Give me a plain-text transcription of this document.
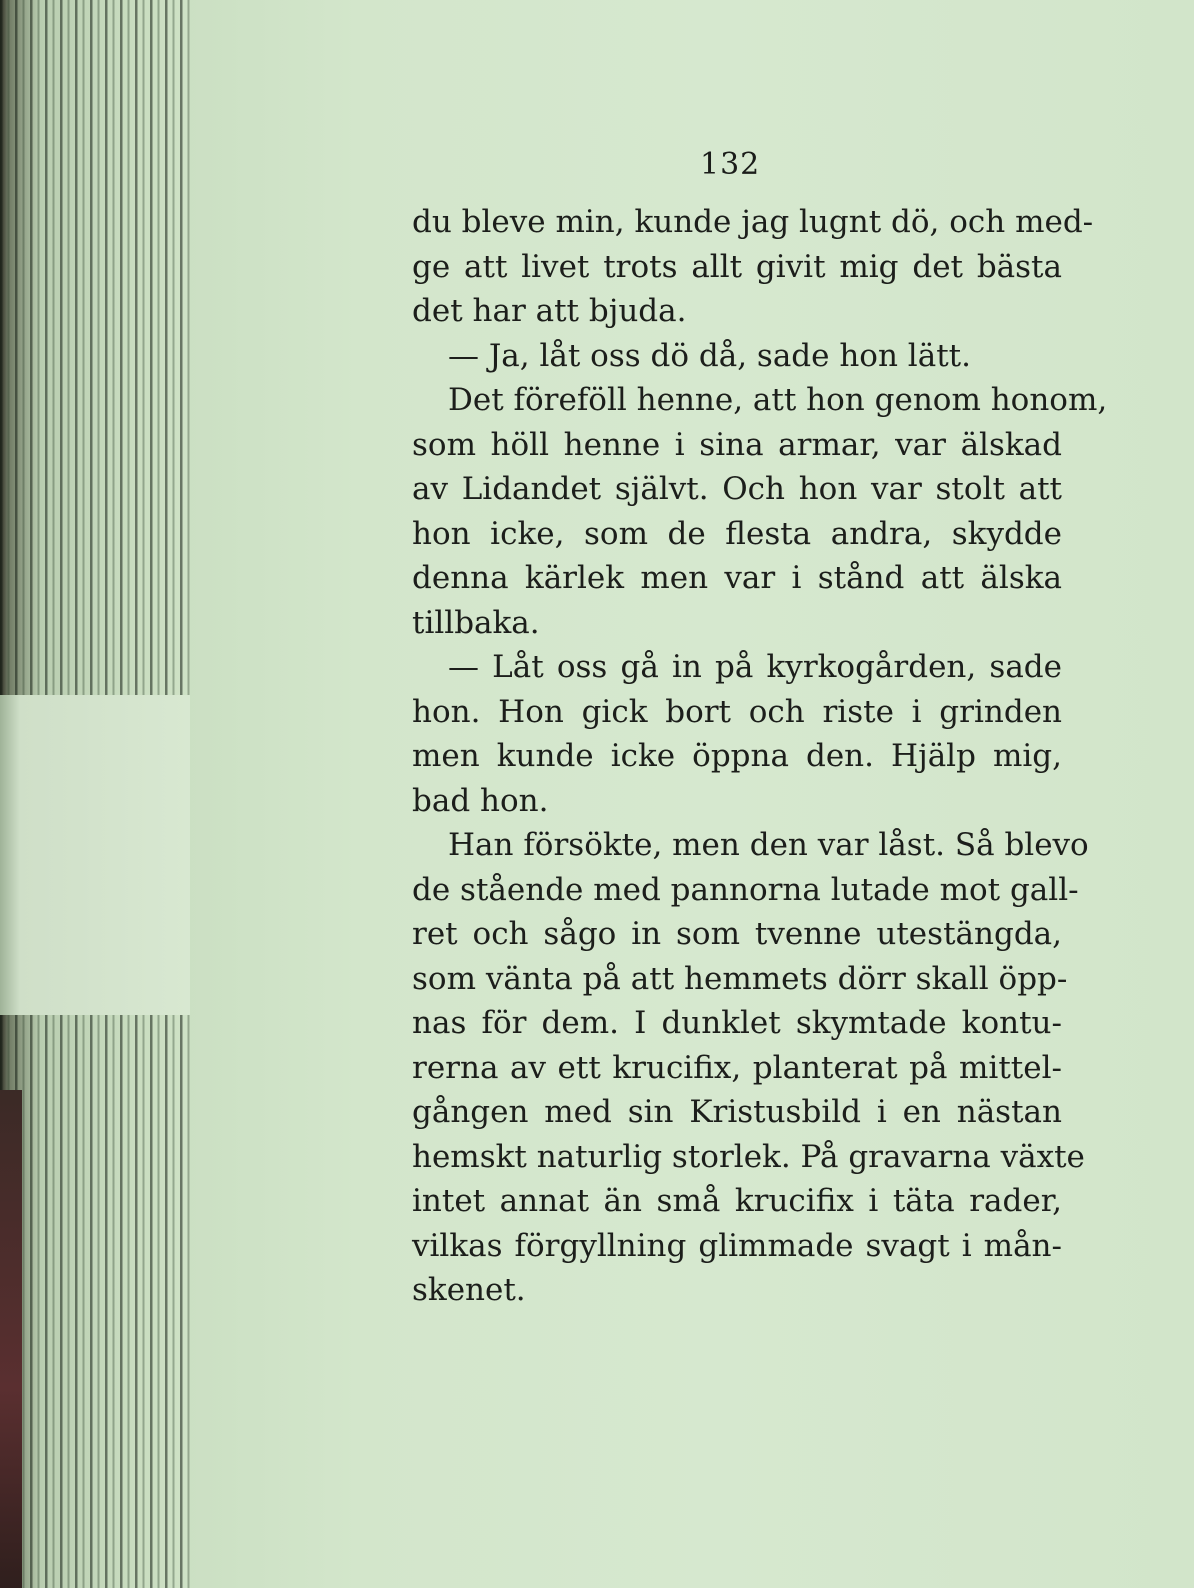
132

du bleve min, kunde jag lugnt dö, och med-
ge att livet trots allt givit mig det bästa
det har att bjuda.

— Ja, låt oss dö då, sade hon lätt.

Det föreföll henne, att hon genom honom,
som höll henne i sina armar, var älskad
av Lidandet självt. Och hon var stolt att
hon icke, som de flesta andra, skydde
denna kärlek men var i stånd att älska
tillbaka.

— Låt oss gå in på kyrkogården, sade
hon. Hon gick bort och riste i grinden
men kunde icke öppna den. Hjälp mig,
bad hon.

Han försökte, men den var låst. Så blevo
de stående med pannorna lutade mot gall-
ret och sågo in som tvenne utestängda,
som vänta på att hemmets dörr skall öpp-
nas för dem. I dunklet skymtade kontu-
rerna av ett krucifix, planterat på mittel-
gången med sin Kristusbild i en nästan
hemskt naturlig storlek. På gravarna växte
intet annat än små krucifix i täta rader,
vilkas förgyllning glimmade svagt i mån-
skenet.
